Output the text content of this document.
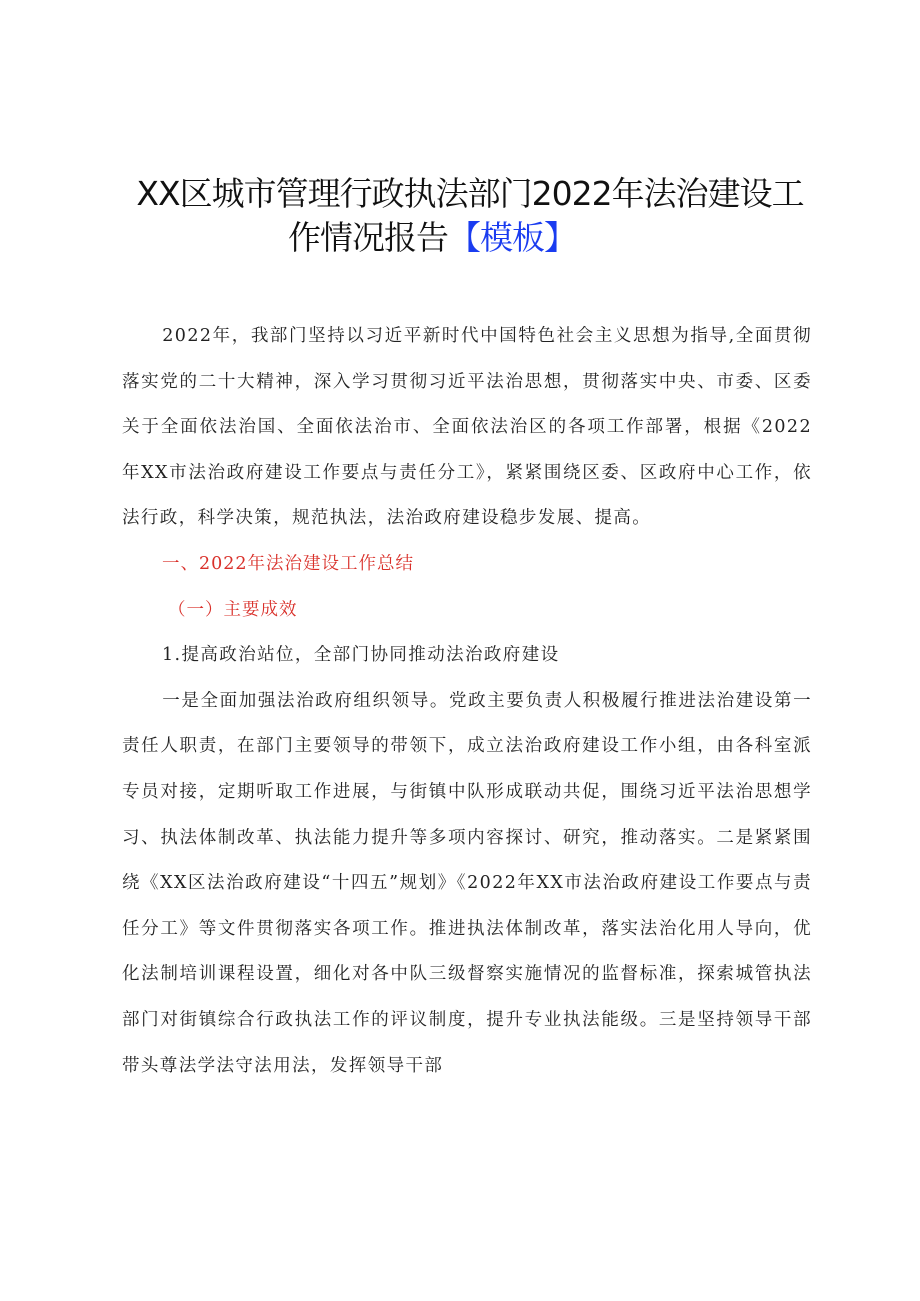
XX区城市管理行政执法部门2022年法治建设工
作情况报告【模板】

2022年，我部门坚持以习近平新时代中国特色社会主义思想为指导,全面贯彻落实党的二十大精神，深入学习贯彻习近平法治思想，贯彻落实中央、市委、区委关于全面依法治国、全面依法治市、全面依法治区的各项工作部署，根据《2022年XX市法治政府建设工作要点与责任分工》，紧紧围绕区委、区政府中心工作，依法行政，科学决策，规范执法，法治政府建设稳步发展、提高。

一、2022年法治建设工作总结

（一）主要成效

1.提高政治站位，全部门协同推动法治政府建设

一是全面加强法治政府组织领导。党政主要负责人积极履行推进法治建设第一责任人职责，在部门主要领导的带领下，成立法治政府建设工作小组，由各科室派专员对接，定期听取工作进展，与街镇中队形成联动共促，围绕习近平法治思想学习、执法体制改革、执法能力提升等多项内容探讨、研究，推动落实。二是紧紧围绕《XX区法治政府建设“十四五”规划》《2022年XX市法治政府建设工作要点与责任分工》等文件贯彻落实各项工作。推进执法体制改革，落实法治化用人导向，优化法制培训课程设置，细化对各中队三级督察实施情况的监督标准，探索城管执法部门对街镇综合行政执法工作的评议制度，提升专业执法能级。三是坚持领导干部带头尊法学法守法用法，发挥领导干部
